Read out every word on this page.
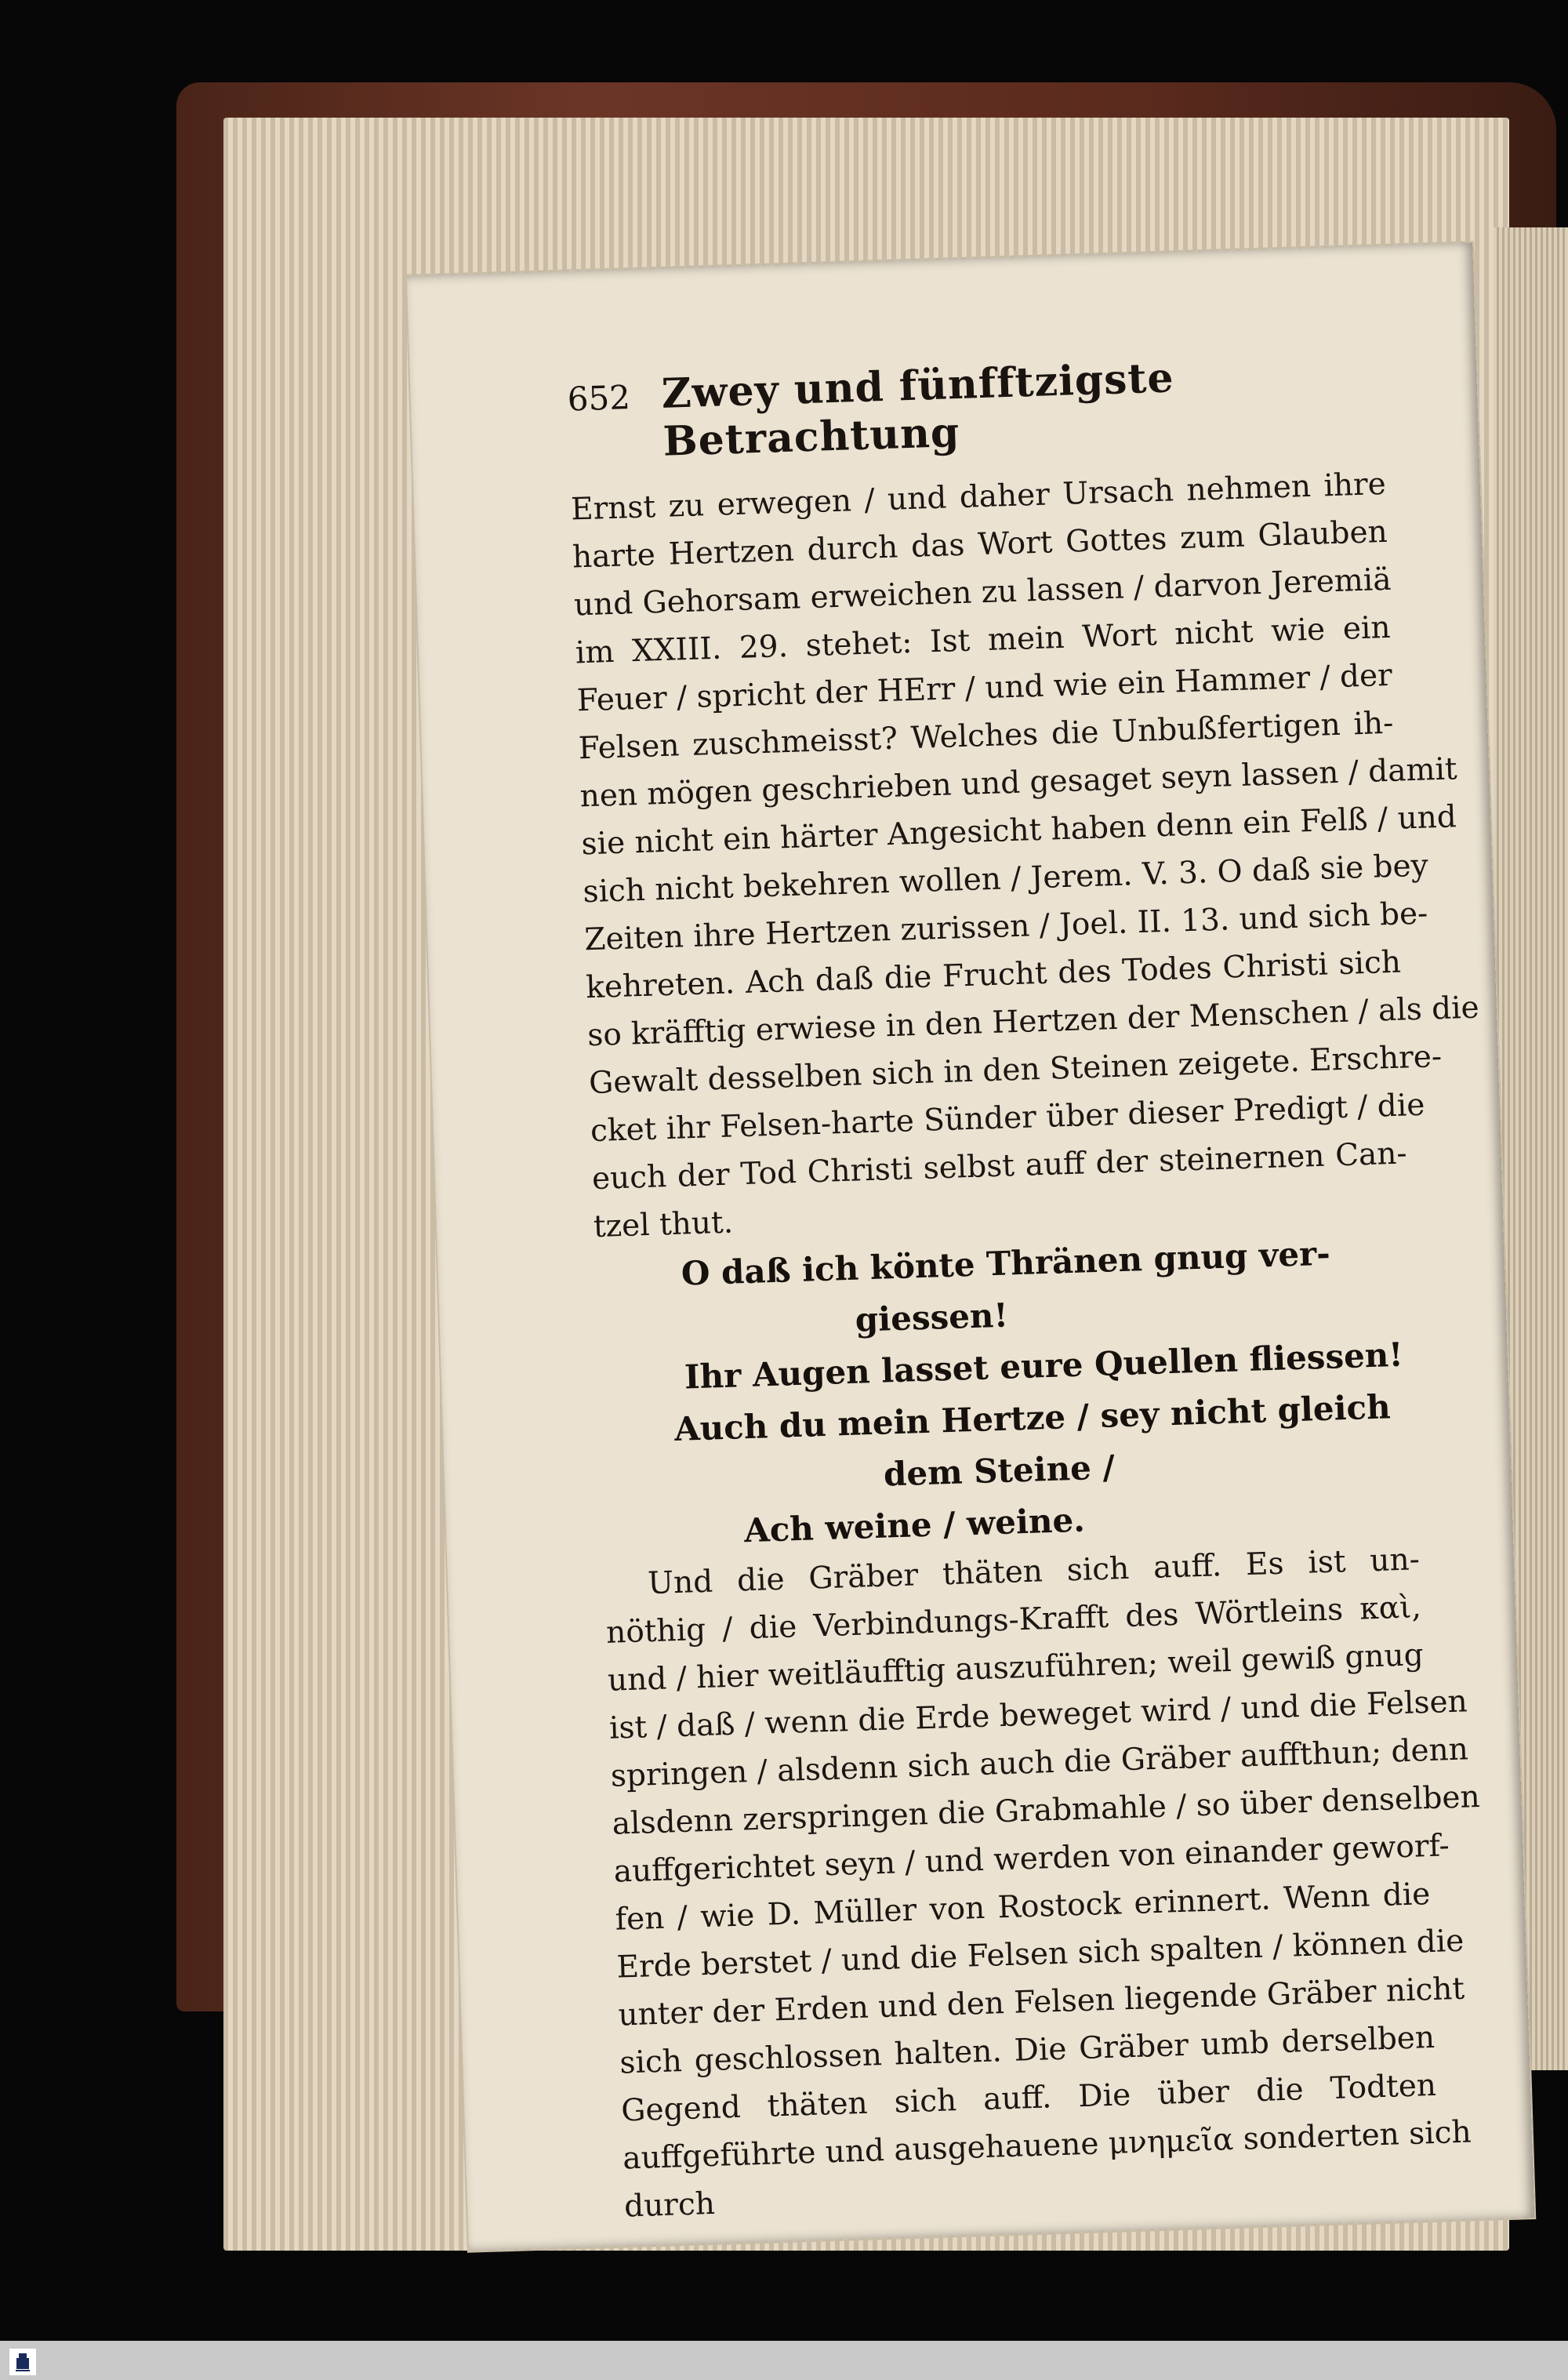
652 Zwey und fünfftzigste Betrachtung
Ernst zu erwegen / und daher Ursach nehmen ihre
harte Hertzen durch das Wort Gottes zum Glauben
und Gehorsam erweichen zu lassen / darvon Jeremiä
im XXIII. 29. stehet: Ist mein Wort nicht wie ein
Feuer / spricht der HErr / und wie ein Hammer / der
Felsen zuschmeisst? Welches die Unbußfertigen ih-
nen mögen geschrieben und gesaget seyn lassen / damit
sie nicht ein härter Angesicht haben denn ein Felß / und
sich nicht bekehren wollen / Jerem. V. 3. O daß sie bey
Zeiten ihre Hertzen zurissen / Joel. II. 13. und sich be-
kehreten. Ach daß die Frucht des Todes Christi sich
so kräfftig erwiese in den Hertzen der Menschen / als die
Gewalt desselben sich in den Steinen zeigete. Erschre-
cket ihr Felsen-harte Sünder über dieser Predigt / die
euch der Tod Christi selbst auff der steinernen Can-
tzel thut.
O daß ich könte Thränen gnug ver-
giessen!
Ihr Augen lasset eure Quellen fliessen!
Auch du mein Hertze / sey nicht gleich
dem Steine /
Ach weine / weine.
Und die Gräber thäten sich auff. Es ist un-
nöthig / die Verbindungs-Krafft des Wörtleins καὶ,
und / hier weitläufftig auszuführen; weil gewiß gnug
ist / daß / wenn die Erde beweget wird / und die Felsen
springen / alsdenn sich auch die Gräber auffthun; denn
alsdenn zerspringen die Grabmahle / so über denselben
auffgerichtet seyn / und werden von einander geworf-
fen / wie D. Müller von Rostock erinnert. Wenn die
Erde berstet / und die Felsen sich spalten / können die
unter der Erden und den Felsen liegende Gräber nicht
sich geschlossen halten. Die Gräber umb derselben
Gegend thäten sich auff. Die über die Todten
auffgeführte und ausgehauene μνημεῖα sonderten sich
durch
